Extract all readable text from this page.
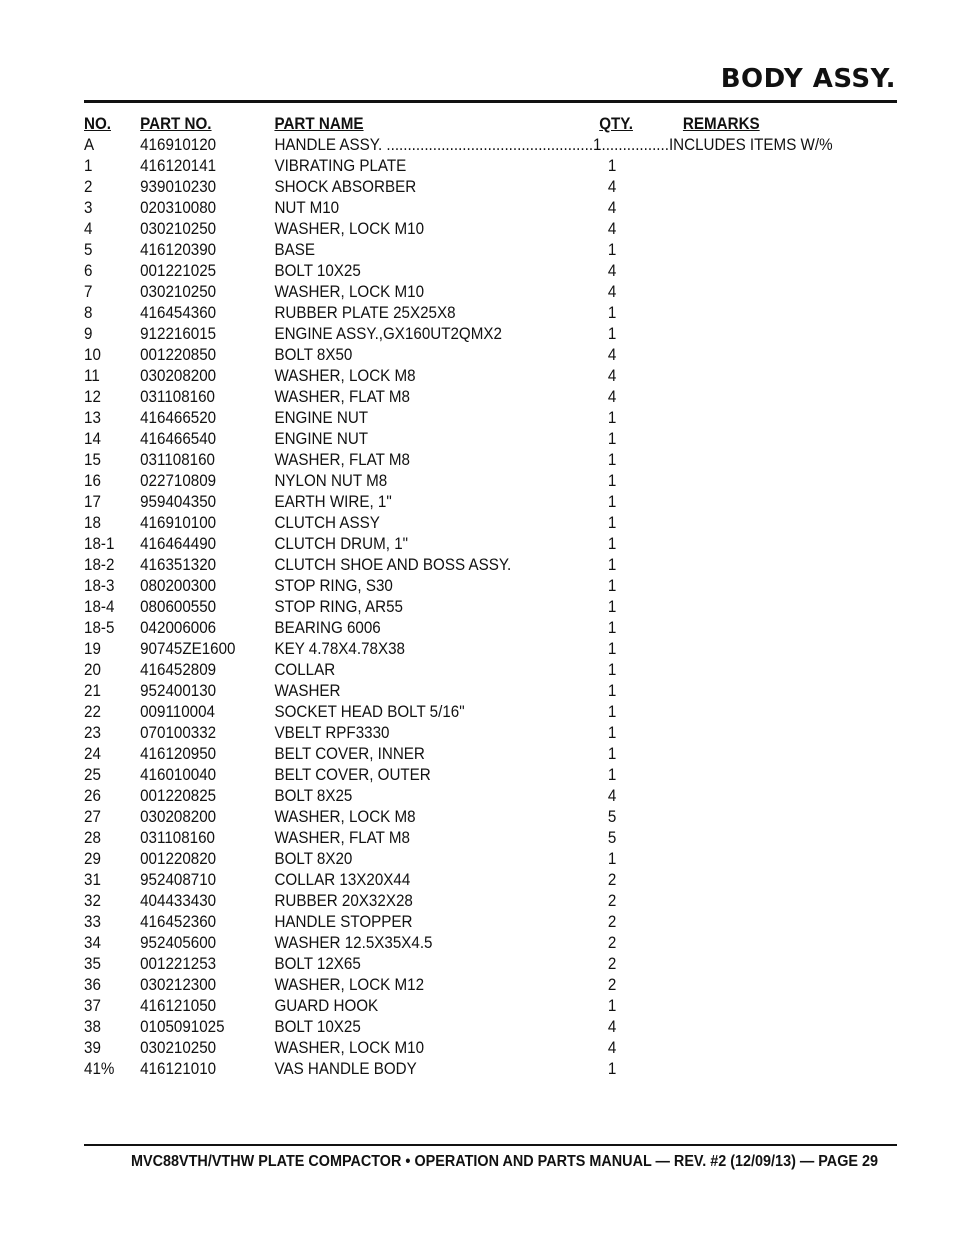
BODY ASSY.
NO. PART NO.	PART NAME	QTY.	REMARKS
A	416910120	HANDLE ASSY. .................................................1................INCLUDES ITEMS W/%
1	416120141	VIBRATING PLATE	1
2	939010230	SHOCK ABSORBER	4
3	020310080	NUT M10	4
4	030210250	WASHER, LOCK M10	4
5	416120390	BASE	1
6	001221025	BOLT 10X25	4
7	030210250	WASHER, LOCK M10	4
8	416454360	RUBBER PLATE 25X25X8	1
9	912216015	ENGINE ASSY.,GX160UT2QMX2	1
10 001220850	BOLT 8X50	4
11 030208200	WASHER, LOCK M8	4
12 031108160	WASHER, FLAT M8	4
13 416466520	ENGINE NUT	1
14 416466540	ENGINE NUT	1
15 031108160	WASHER, FLAT M8	1
16 022710809	NYLON NUT M8	1
17 959404350	EARTH WIRE, 1"	1
18 416910100	CLUTCH ASSY	1
18-1 416464490	CLUTCH DRUM, 1"	1
18-2 416351320	CLUTCH SHOE AND BOSS ASSY.	1
18-3 080200300	STOP RING, S30	1
18-4 080600550	STOP RING, AR55	1
18-5 042006006	BEARING 6006	1
19 90745ZE1600 KEY 4.78X4.78X38	1
20 416452809	COLLAR	1
21 952400130	WASHER	1
22 009110004	SOCKET HEAD BOLT 5/16"	1
23 070100332	VBELT RPF3330	1
24 416120950	BELT COVER, INNER	1
25 416010040	BELT COVER, OUTER	1
26 001220825	BOLT 8X25	4
27 030208200	WASHER, LOCK M8	5
28 031108160	WASHER, FLAT M8	5
29 001220820	BOLT 8X20	1
31 952408710	COLLAR 13X20X44	2
32 404433430	RUBBER 20X32X28	2
33 416452360	HANDLE STOPPER	2
34 952405600	WASHER 12.5X35X4.5	2
35 001221253	BOLT 12X65	2
36 030212300	WASHER, LOCK M12	2
37 416121050	GUARD HOOK	1
38 0105091025	BOLT 10X25	4
39 030210250	WASHER, LOCK M10	4
41% 416121010	VAS HANDLE BODY	1
MVC88VTH/VTHW PLATE COMPACTOR • OPERATION AND PARTS MANUAL — REV. #2 (12/09/13) — PAGE 29
